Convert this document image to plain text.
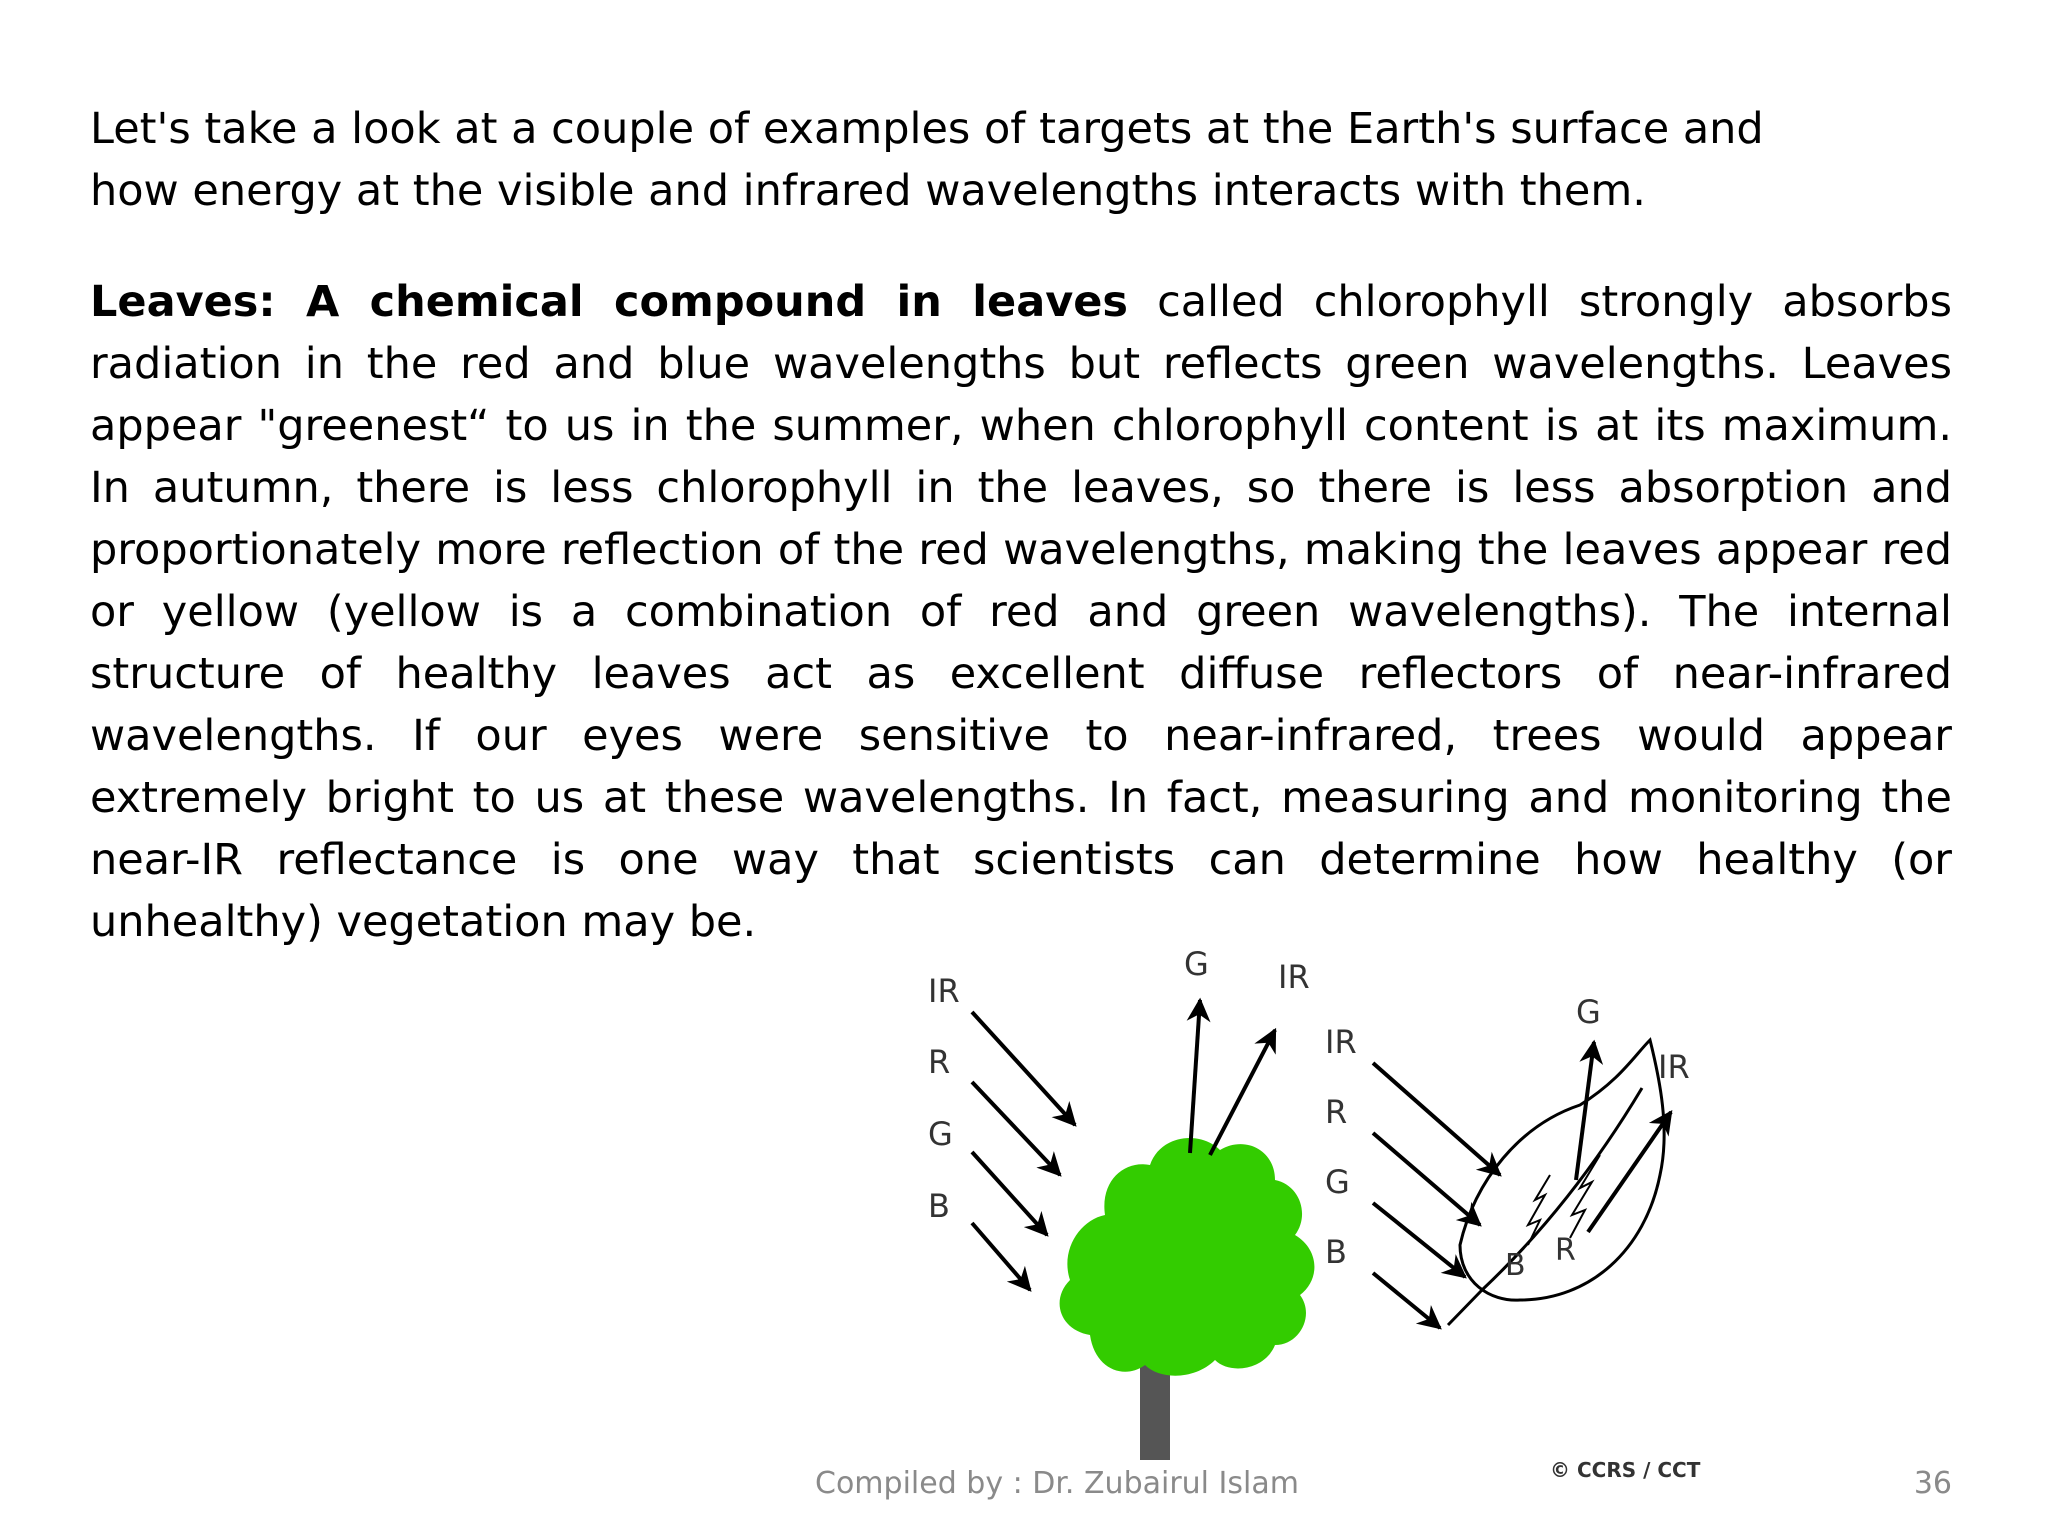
Let's take a look at a couple of examples of targets at the Earth's surface and
how energy at the visible and infrared wavelengths interacts with them.

Leaves: A chemical compound in leaves called chlorophyll strongly absorbs radiation in the red and blue wavelengths but reflects green wavelengths. Leaves appear "greenest“ to us in the summer, when chlorophyll content is at its maximum. In autumn, there is less chlorophyll in the leaves, so there is less absorption and proportionately more reflection of the red wavelengths, making the leaves appear red or yellow (yellow is a combination of red and green wavelengths). The internal structure of healthy leaves act as excellent diffuse reflectors of near-infrared wavelengths. If our eyes were sensitive to near-infrared, trees would appear extremely bright to us at these wavelengths. In fact, measuring and monitoring the near-IR reflectance is one way that scientists can determine how healthy (or unhealthy) vegetation may be.

IR
R
G
B
G IR
B R
IR
R
G
B
G
IR
© CCRS / CCT
Compiled by : Dr. Zubairul Islam	36
